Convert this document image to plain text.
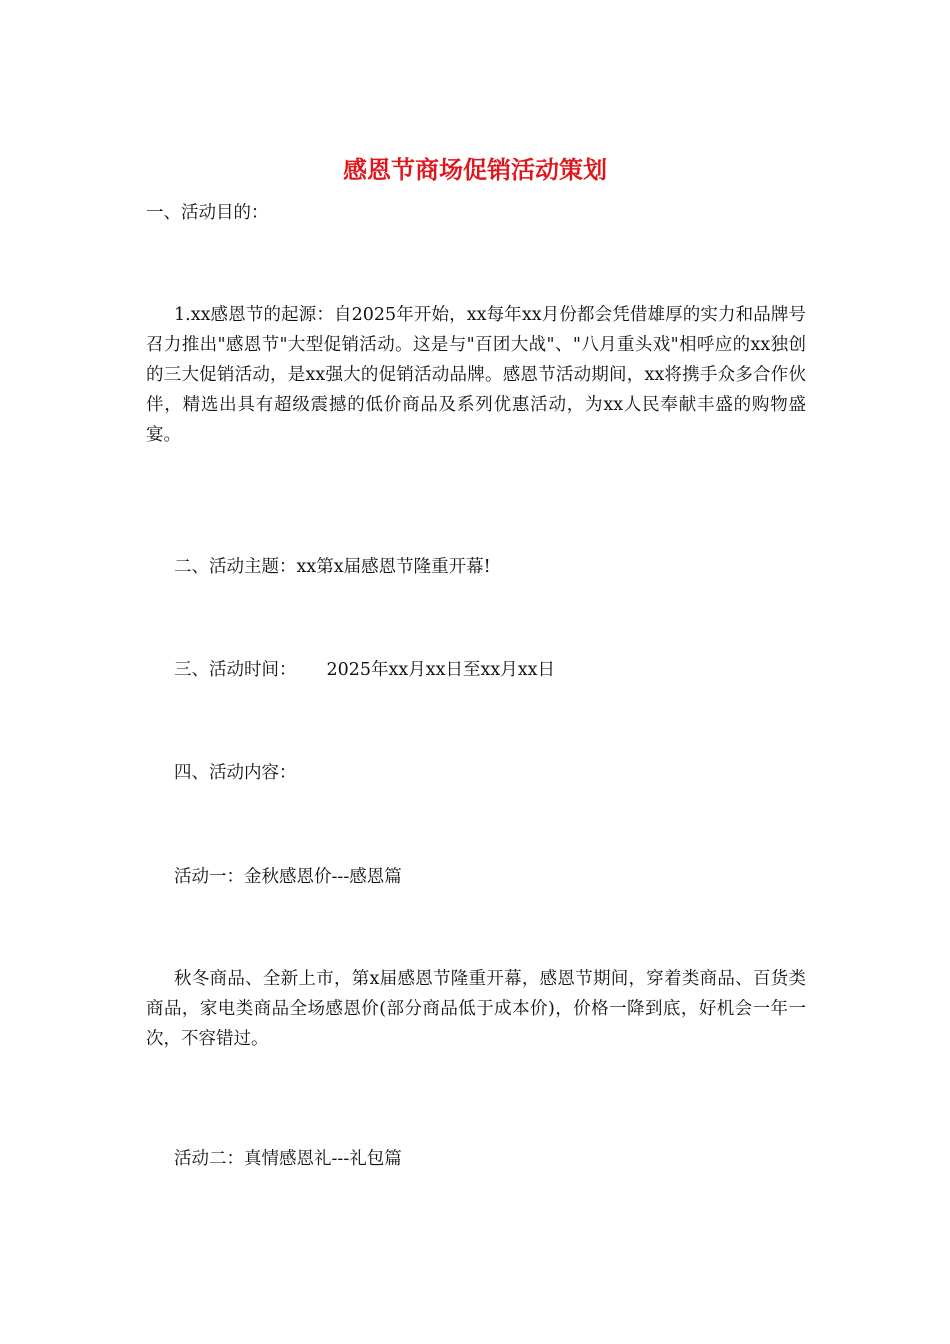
感恩节商场促销活动策划
一、活动目的：
1.xx感恩节的起源：自2025年开始，xx每年xx月份都会凭借雄厚的实力和品牌号召力推出"感恩节"大型促销活动。这是与"百团大战"、"八月重头戏"相呼应的xx独创的三大促销活动，是xx强大的促销活动品牌。感恩节活动期间，xx将携手众多合作伙伴，精选出具有超级震撼的低价商品及系列优惠活动，为xx人民奉献丰盛的购物盛宴。
二、活动主题：xx第x届感恩节隆重开幕!
三、活动时间： 2025年xx月xx日至xx月xx日
四、活动内容：
活动一：金秋感恩价---感恩篇
秋冬商品、全新上市，第x届感恩节隆重开幕，感恩节期间，穿着类商品、百货类商品，家电类商品全场感恩价(部分商品低于成本价)，价格一降到底，好机会一年一次，不容错过。
活动二：真情感恩礼---礼包篇
